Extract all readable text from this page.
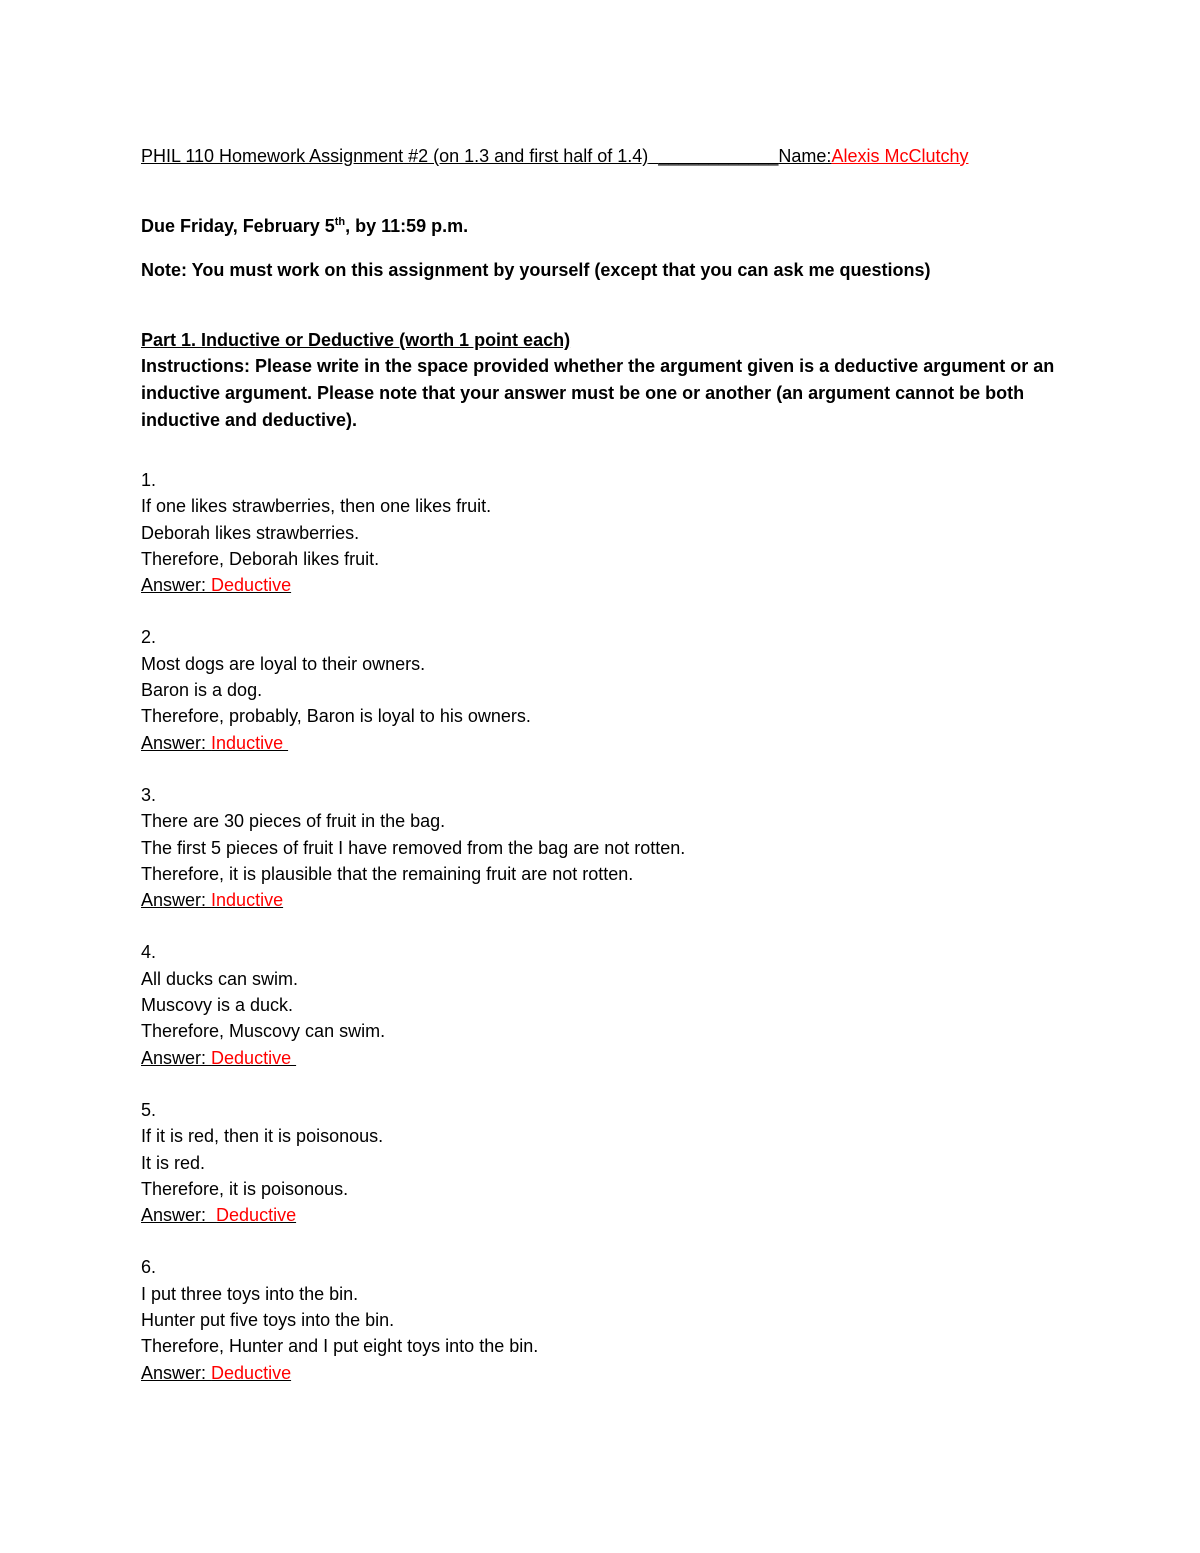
PHIL 110 Homework Assignment #2 (on 1.3 and first half of 1.4) ____________Name:Alexis McClutchy
Due Friday, February 5th, by 11:59 p.m.
Note: You must work on this assignment by yourself (except that you can ask me questions)
Part 1. Inductive or Deductive (worth 1 point each)
Instructions: Please write in the space provided whether the argument given is a deductive argument or an inductive argument. Please note that your answer must be one or another (an argument cannot be both inductive and deductive).
1.
If one likes strawberries, then one likes fruit.
Deborah likes strawberries.
Therefore, Deborah likes fruit.
Answer: Deductive
2.
Most dogs are loyal to their owners.
Baron is a dog.
Therefore, probably, Baron is loyal to his owners.
Answer: Inductive
3.
There are 30 pieces of fruit in the bag.
The first 5 pieces of fruit I have removed from the bag are not rotten.
Therefore, it is plausible that the remaining fruit are not rotten.
Answer: Inductive
4.
All ducks can swim.
Muscovy is a duck.
Therefore, Muscovy can swim.
Answer: Deductive
5.
If it is red, then it is poisonous.
It is red.
Therefore, it is poisonous.
Answer:  Deductive
6.
I put three toys into the bin.
Hunter put five toys into the bin.
Therefore, Hunter and I put eight toys into the bin.
Answer: Deductive
